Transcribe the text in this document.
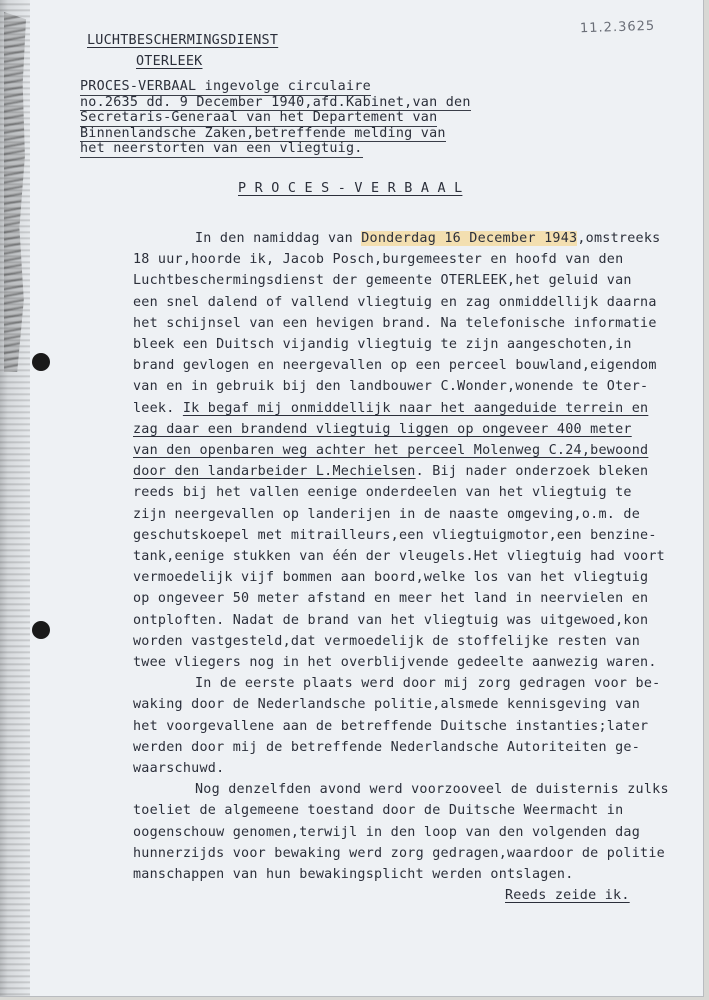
11.2.3625
LUCHTBESCHERMINGSDIENST
OTERLEEK
PROCES-VERBAAL ingevolge circulaire
no.2635 dd. 9 December 1940,afd.Kabinet,van den
Secretaris-Generaal van het Departement van
Binnenlandsche Zaken,betreffende melding van
het neerstorten van een vliegtuig.
P R O C E S - V E R B A A L
In den namiddag van Donderdag 16 December 1943,omstreeks
18 uur,hoorde ik, Jacob Posch,burgemeester en hoofd van den
Luchtbeschermingsdienst der gemeente OTERLEEK,het geluid van
een snel dalend of vallend vliegtuig en zag onmiddellijk daarna
het schijnsel van een hevigen brand. Na telefonische informatie
bleek een Duitsch vijandig vliegtuig te zijn aangeschoten,in
brand gevlogen en neergevallen op een perceel bouwland,eigendom
van en in gebruik bij den landbouwer C.Wonder,wonende te Oter-
leek. Ik begaf mij onmiddellijk naar het aangeduide terrein en
zag daar een brandend vliegtuig liggen op ongeveer 400 meter
van den openbaren weg achter het perceel Molenweg C.24,bewoond
door den landarbeider L.Mechielsen. Bij nader onderzoek bleken
reeds bij het vallen eenige onderdeelen van het vliegtuig te
zijn neergevallen op landerijen in de naaste omgeving,o.m. de
geschutskoepel met mitrailleurs,een vliegtuigmotor,een benzine-
tank,eenige stukken van één der vleugels.Het vliegtuig had voort
vermoedelijk vijf bommen aan boord,welke los van het vliegtuig
op ongeveer 50 meter afstand en meer het land in neervielen en
ontploften. Nadat de brand van het vliegtuig was uitgewoed,kon
worden vastgesteld,dat vermoedelijk de stoffelijke resten van
twee vliegers nog in het overblijvende gedeelte aanwezig waren.
In de eerste plaats werd door mij zorg gedragen voor be-
waking door de Nederlandsche politie,alsmede kennisgeving van
het voorgevallene aan de betreffende Duitsche instanties;later
werden door mij de betreffende Nederlandsche Autoriteiten ge-
waarschuwd.
Nog denzelfden avond werd voorzooveel de duisternis zulks
toeliet de algemeene toestand door de Duitsche Weermacht in
oogenschouw genomen,terwijl in den loop van den volgenden dag
hunnerzijds voor bewaking werd zorg gedragen,waardoor de politie
manschappen van hun bewakingsplicht werden ontslagen.
Reeds zeide ik.
